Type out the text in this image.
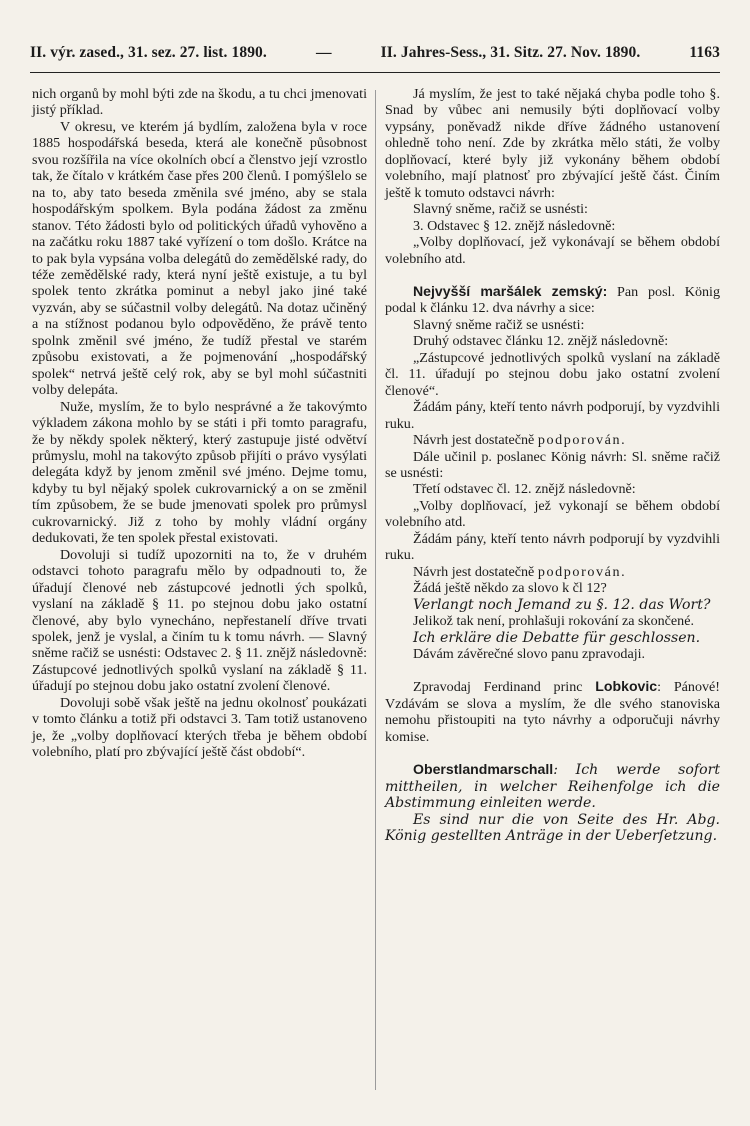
II. výr. zased., 31. sez. 27. list. 1890.	—	II. Jahres-Sess., 31. Sitz. 27. Nov. 1890.	1163

nich organů by mohl býti zde na škodu, a tu chci jmenovati jistý příklad.

V okresu, ve kterém já bydlím, založena byla v roce 1885 hospodářská beseda, která ale konečně působnost svou rozšířila na více okolních obcí a členstvo její vzrostlo tak, že čítalo v krátkém čase přes 200 členů. I pomýšlelo se na to, aby tato beseda změnila své jméno, aby se stala hospodářským spolkem. Byla podána žádost za změnu stanov. Této žádosti bylo od politických úřadů vyhověno a na začátku roku 1887 také vyřízení o tom došlo. Krátce na to pak byla vypsána volba delegátů do zemědělské rady, do téže zemědělské rady, která nyní ještě existuje, a tu byl spolek tento zkrátka pominut a nebyl jako jiné také vyzván, aby se súčastnil volby delegátů. Na dotaz učiněný a na stížnost podanou bylo odpověděno, že právě tento spolnk změnil své jméno, že tudíž přestal ve starém způsobu existovati, a že pojmenování „hospodářský spolek“ netrvá ještě celý rok, aby se byl mohl súčastniti volby delepáta.

Nuže, myslím, že to bylo nesprávné a že takovýmto výkladem zákona mohlo by se státi i při tomto paragrafu, že by někdy spolek některý, který zastupuje jisté odvětví průmyslu, mohl na takovýto způsob přijíti o právo vysýlati delegáta když by jenom změnil své jméno. Dejme tomu, kdyby tu byl nějaký spolek cukrovarnický a on se změnil tím způsobem, že se bude jmenovati spolek pro průmysl cukrovarnický. Již z toho by mohly vládní orgány dedukovati, že ten spolek přestal existovati.

Dovoluji si tudíž upozorniti na to, že v druhém odstavci tohoto paragrafu mělo by odpadnouti to, že úřadují členové neb zástupcové jednotli ých spolků, vyslaní na základě § 11. po stejnou dobu jako ostatní členové, aby bylo vynecháno, nepřestanelí dříve trvati spolek, jenž je vyslal, a činím tu k tomu návrh. — Slavný sněme račiž se usnésti: Odstavec 2. § 11. znějž následovně: Zástupcové jednotlivých spolků vyslaní na základě § 11. úřadují po stejnou dobu jako ostatní zvolení členové.

Dovoluji sobě však ještě na jednu okolnosť poukázati v tomto článku a totiž při odstavci 3. Tam totiž ustanoveno je, že „volby doplňovací kterých třeba je během období volebního, platí pro zbývající ještě část období“.

Já myslím, že jest to také nějaká chyba podle toho §. Snad by vůbec ani nemusily býti doplňovací volby vypsány, poněvadž nikde dříve žádného ustanovení ohledně toho není. Zde by zkrátka mělo státi, že volby doplňovací, které byly již vykonány během období volebního, mají platnosť pro zbývající ještě část. Činím ještě k tomuto odstavci návrh:

Slavný sněme, račiž se usnésti:

3. Odstavec § 12. znějž následovně:

„Volby doplňovací, jež vykonávají se během období volebního atd.

Nejvyšší maršálek zemský: Pan posl. König podal k článku 12. dva návrhy a sice:

Slavný sněme račiž se usnésti:

Druhý odstavec článku 12. znějž následovně:

„Zástupcové jednotlivých spolků vyslaní na základě čl. 11. úřadují po stejnou dobu jako ostatní zvolení členové“.

Žádám pány, kteří tento návrh podporují, by vyzdvihli ruku.

Návrh jest dostatečně podporován.

Dále učinil p. poslanec König návrh: Sl. sněme račiž se usnésti:

Třetí odstavec čl. 12. znějž následovně:

„Volby doplňovací, jež vykonají se během období volebního atd.

Žádám pány, kteří tento návrh podporují by vyzdvihli ruku.

Návrh jest dostatečně podporován.

Žádá ještě někdo za slovo k čl 12?

Verlangt noch Jemand zu §. 12. das Wort?

Jelikož tak není, prohlašuji rokování za skončené.

Ich erkläre die Debatte für geschlossen.

Dávám závěrečné slovo panu zpravodaji.

Zpravodaj Ferdinand princ Lobkovic: Pánové! Vzdávám se slova a myslím, že dle svého stanoviska nemohu přistoupiti na tyto návrhy a odporučuji návrhy komise.

Oberstlandmarschall: Ich werde sofort mittheilen, in welcher Reihenfolge ich die Abstimmung einleiten werde.

Es sind nur die von Seite des Hr. Abg. König gestellten Anträge in der Ueberſetzung.
